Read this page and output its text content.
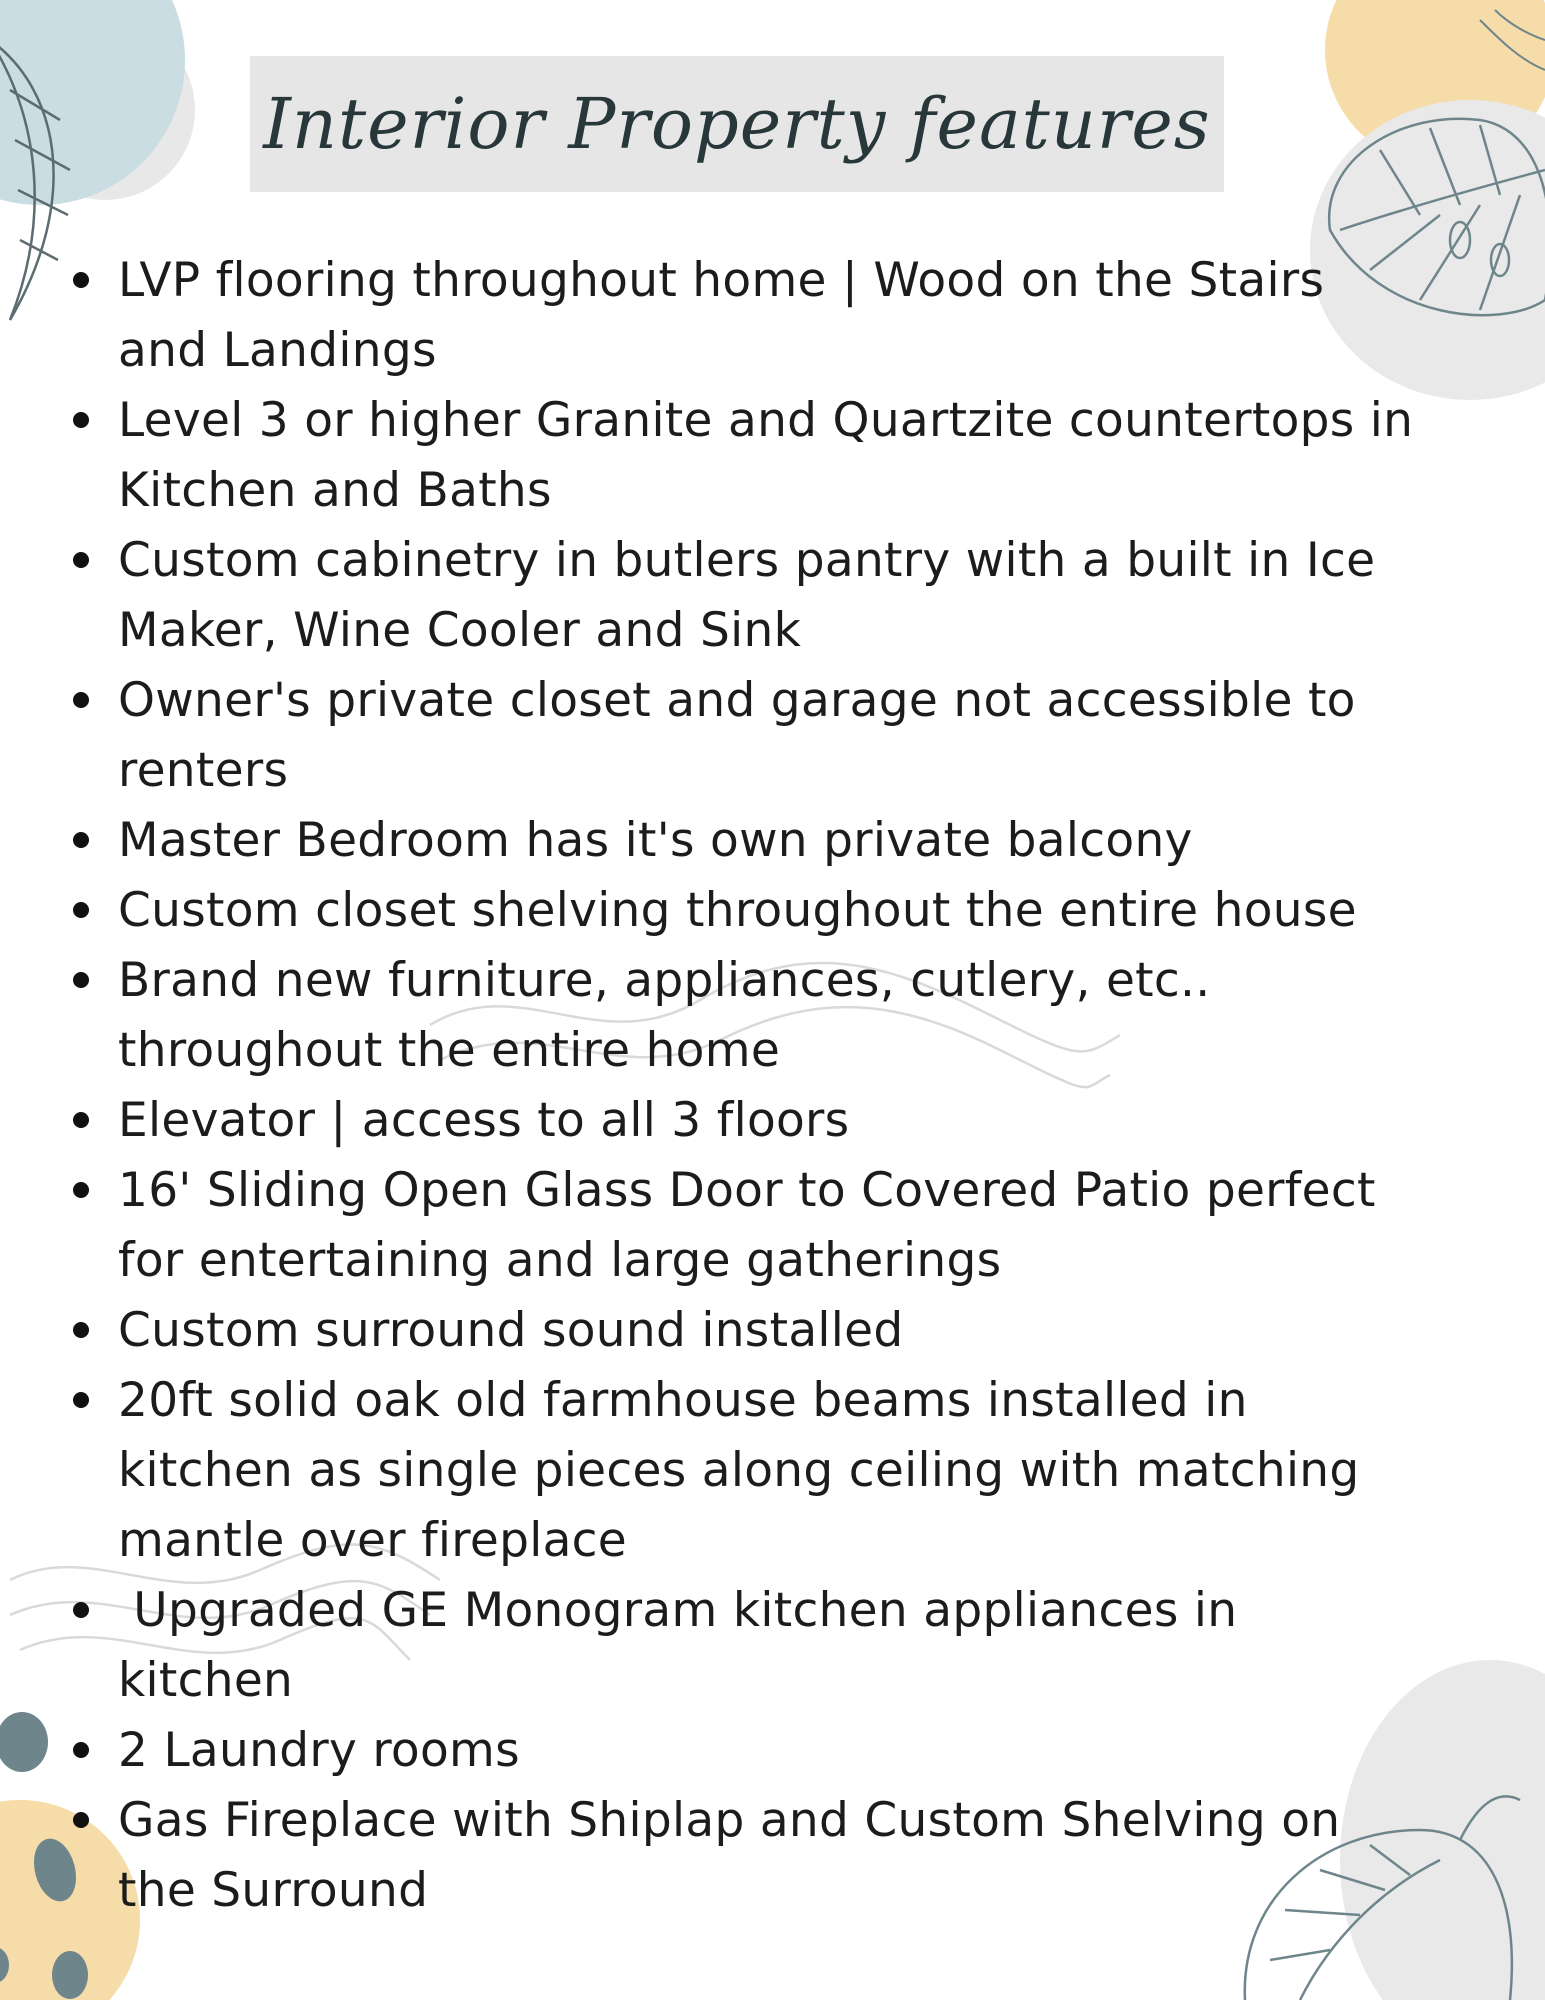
Interior Property features
LVP flooring throughout home | Wood on the Stairs
and Landings
Level 3 or higher Granite and Quartzite countertops in
Kitchen and Baths
Custom cabinetry in butlers pantry with a built in Ice
Maker, Wine Cooler and Sink
Owner's private closet and garage not accessible to
renters
Master Bedroom has it's own private balcony
Custom closet shelving throughout the entire house
Brand new furniture, appliances, cutlery, etc..
throughout the entire home
Elevator | access to all 3 floors
16' Sliding Open Glass Door to Covered Patio perfect
for entertaining and large gatherings
Custom surround sound installed
20ft solid oak old farmhouse beams installed in
kitchen as single pieces along ceiling with matching
mantle over fireplace
Upgraded GE Monogram kitchen appliances in
kitchen
2 Laundry rooms
Gas Fireplace with Shiplap and Custom Shelving on
the Surround
